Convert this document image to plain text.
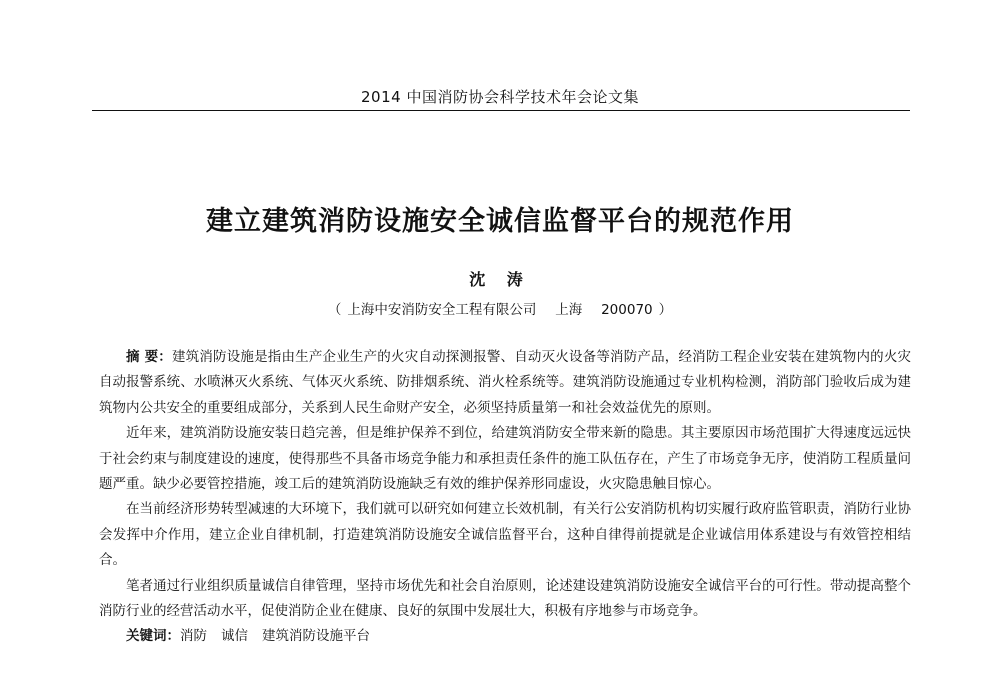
2014 中国消防协会科学技术年会论文集
建立建筑消防设施安全诚信监督平台的规范作用
沈 涛
（ 上海中安消防安全工程有限公司 上海 200070 ）

摘 要：建筑消防设施是指由生产企业生产的火灾自动探测报警、自动灭火设备等消防产品，经消防工程企业安装在建筑物内的火灾自动报警系统、水喷淋灭火系统、气体灭火系统、防排烟系统、消火栓系统等。建筑消防设施通过专业机构检测，消防部门验收后成为建筑物内公共安全的重要组成部分，关系到人民生命财产安全，必须坚持质量第一和社会效益优先的原则。

近年来，建筑消防设施安装日趋完善，但是维护保养不到位，给建筑消防安全带来新的隐患。其主要原因市场范围扩大得速度远远快于社会约束与制度建设的速度，使得那些不具备市场竞争能力和承担责任条件的施工队伍存在，产生了市场竞争无序，使消防工程质量问题严重。缺少必要管控措施，竣工后的建筑消防设施缺乏有效的维护保养形同虚设，火灾隐患触目惊心。

在当前经济形势转型减速的大环境下，我们就可以研究如何建立长效机制，有关行公安消防机构切实履行政府监管职责，消防行业协会发挥中介作用，建立企业自律机制，打造建筑消防设施安全诚信监督平台，这种自律得前提就是企业诚信用体系建设与有效管控相结合。

笔者通过行业组织质量诚信自律管理，坚持市场优先和社会自治原则，论述建设建筑消防设施安全诚信平台的可行性。带动提高整个消防行业的经营活动水平，促使消防企业在健康、良好的氛围中发展壮大，积极有序地参与市场竞争。

关键词：消防 诚信 建筑消防设施平台
